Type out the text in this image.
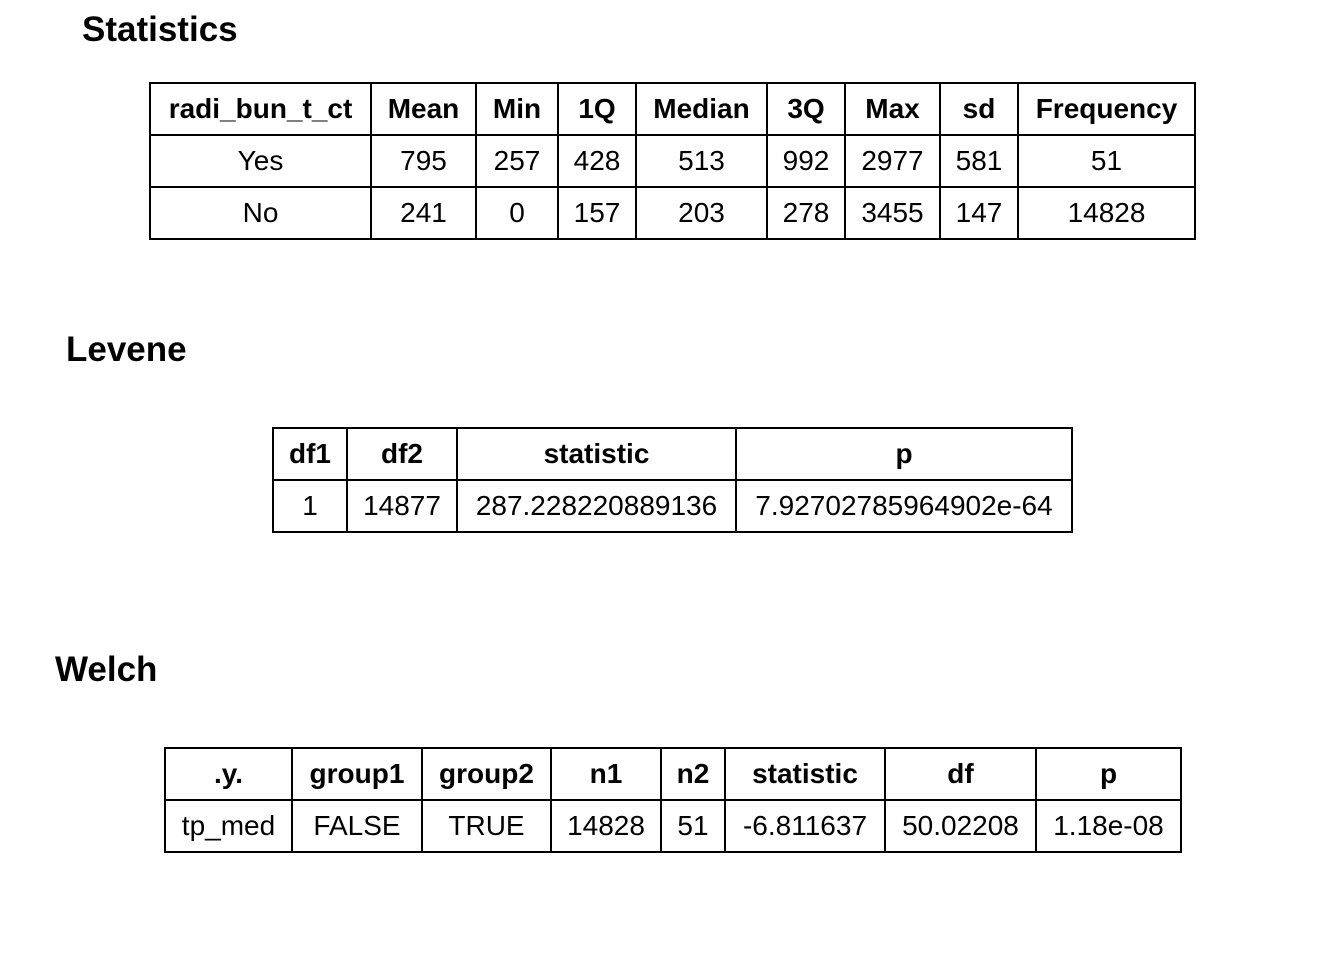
Statistics
radi_bun_t_ct	Mean	Min	1Q	Median	3Q	Max	sd	Frequency
Yes	795	257	428	513	992	2977	581	51
No	241	0	157	203	278	3455	147	14828
Levene
df1	df2	statistic	p
1	14877	287.228220889136	7.92702785964902e-64
Welch
.y.	group1	group2	n1	n2	statistic	df	p
tp_med	FALSE	TRUE	14828	51	-6.811637	50.02208	1.18e-08
